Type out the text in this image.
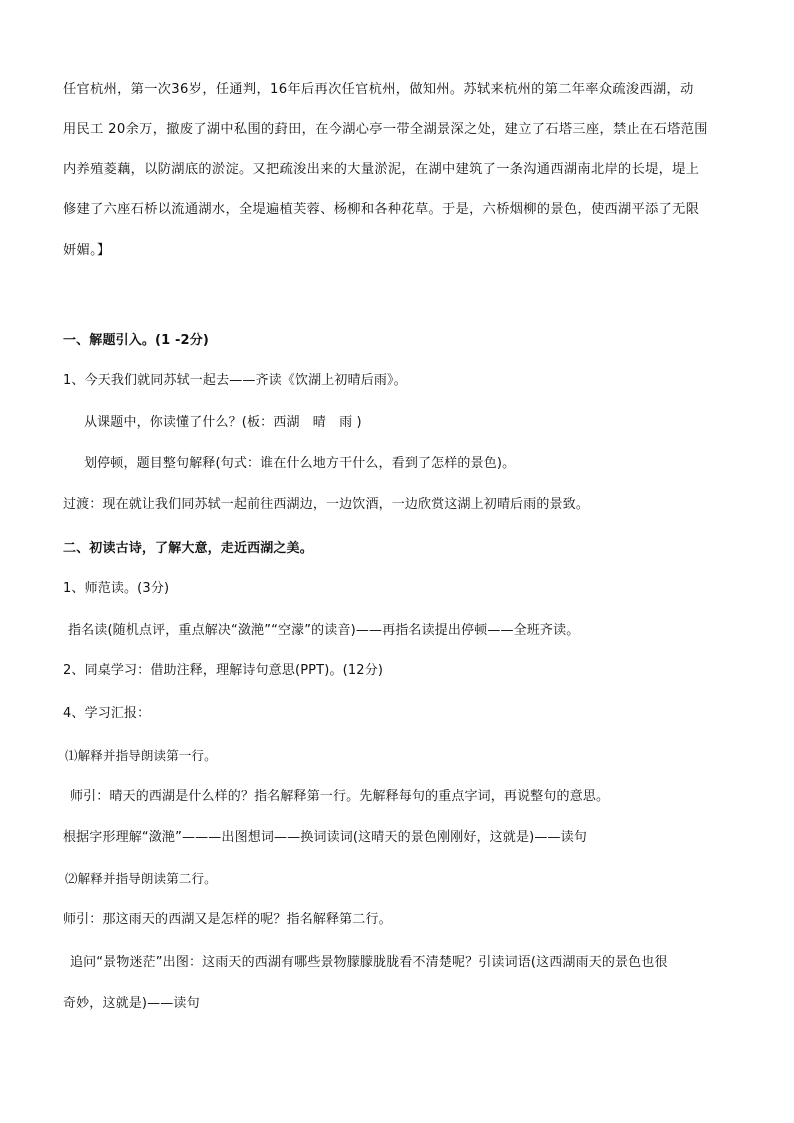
任官杭州，第一次36岁，任通判，16年后再次任官杭州，做知州。苏轼来杭州的第二年率众疏浚西湖，动
用民工 20余万，撤废了湖中私围的葑田，在今湖心亭一带全湖景深之处，建立了石塔三座，禁止在石塔范围
内养殖菱藕，以防湖底的淤淀。又把疏浚出来的大量淤泥，在湖中建筑了一条沟通西湖南北岸的长堤，堤上
修建了六座石桥以流通湖水，全堤遍植芙蓉、杨柳和各种花草。于是，六桥烟柳的景色，使西湖平添了无限
妍媚。】
一、解题引入。(1 -2分)
1、今天我们就同苏轼一起去——齐读《饮湖上初晴后雨》。
从课题中，你读懂了什么？(板：西湖　晴　雨 )
划停顿，题目整句解释(句式：谁在什么地方干什么，看到了怎样的景色)。
过渡：现在就让我们同苏轼一起前往西湖边，一边饮酒，一边欣赏这湖上初晴后雨的景致。
二、初读古诗，了解大意，走近西湖之美。
1、师范读。(3分)
指名读(随机点评，重点解决“潋滟”“空濛”的读音)——再指名读提出停顿——全班齐读。
2、同桌学习：借助注释，理解诗句意思(PPT)。(12分)
4、学习汇报：
⑴解释并指导朗读第一行。
师引：晴天的西湖是什么样的？指名解释第一行。先解释每句的重点字词，再说整句的意思。
根据字形理解“潋滟”———出图想词——换词读词(这晴天的景色刚刚好，这就是)——读句
⑵解释并指导朗读第二行。
师引：那这雨天的西湖又是怎样的呢？指名解释第二行。
追问“景物迷茫”出图：这雨天的西湖有哪些景物朦朦胧胧看不清楚呢？引读词语(这西湖雨天的景色也很
奇妙，这就是)——读句
